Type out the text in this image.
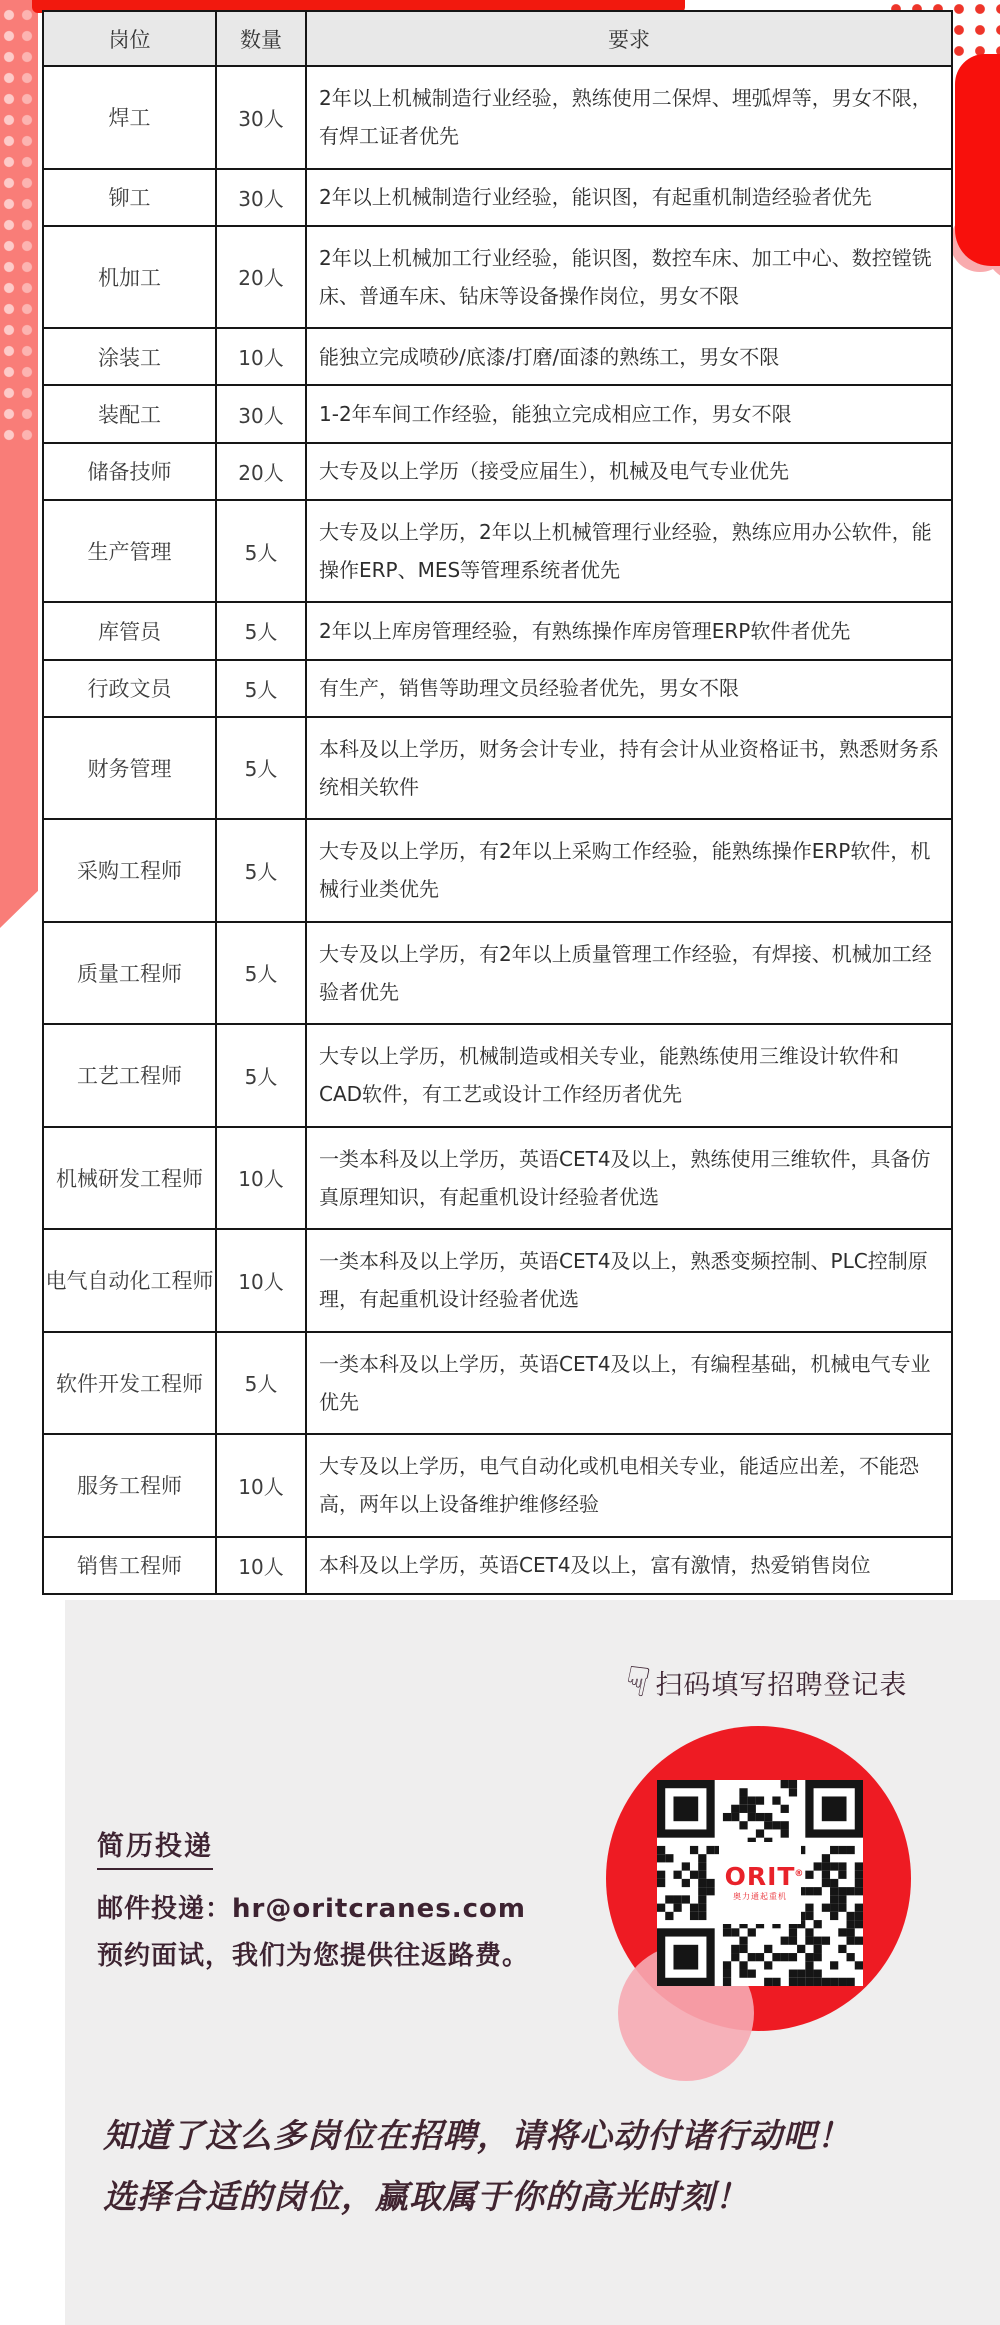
岗位	数量	要求
焊工	30人	2年以上机械制造行业经验，熟练使用二保焊、埋弧焊等，男女不限，有焊工证者优先
铆工	30人	2年以上机械制造行业经验，能识图，有起重机制造经验者优先
机加工	20人	2年以上机械加工行业经验，能识图，数控车床、加工中心、数控镗铣床、普通车床、钻床等设备操作岗位，男女不限
涂装工	10人	能独立完成喷砂/底漆/打磨/面漆的熟练工，男女不限
装配工	30人	1-2年车间工作经验，能独立完成相应工作，男女不限
储备技师	20人	大专及以上学历（接受应届生），机械及电气专业优先
生产管理	5人	大专及以上学历，2年以上机械管理行业经验，熟练应用办公软件，能操作ERP、MES等管理系统者优先
库管员	5人	2年以上库房管理经验，有熟练操作库房管理ERP软件者优先
行政文员	5人	有生产，销售等助理文员经验者优先，男女不限
财务管理	5人	本科及以上学历，财务会计专业，持有会计从业资格证书，熟悉财务系统相关软件
采购工程师	5人	大专及以上学历，有2年以上采购工作经验，能熟练操作ERP软件，机械行业类优先
质量工程师	5人	大专及以上学历，有2年以上质量管理工作经验，有焊接、机械加工经验者优先
工艺工程师	5人	大专以上学历，机械制造或相关专业，能熟练使用三维设计软件和CAD软件，有工艺或设计工作经历者优先
机械研发工程师	10人	一类本科及以上学历，英语CET4及以上，熟练使用三维软件，具备仿真原理知识，有起重机设计经验者优选
电气自动化工程师	10人	一类本科及以上学历，英语CET4及以上，熟悉变频控制、PLC控制原理，有起重机设计经验者优选
软件开发工程师	5人	一类本科及以上学历，英语CET4及以上，有编程基础，机械电气专业优先
服务工程师	10人	大专及以上学历，电气自动化或机电相关专业，能适应出差，不能恐高，两年以上设备维护维修经验
销售工程师	10人	本科及以上学历，英语CET4及以上，富有激情，热爱销售岗位
☟ 扫码填写招聘登记表
ORIT ®
奥力通起重机
简历投递
邮件投递：hr@oritcranes.com
预约面试，我们为您提供往返路费。
知道了这么多岗位在招聘，请将心动付诸行动吧！
选择合适的岗位，赢取属于你的高光时刻！
